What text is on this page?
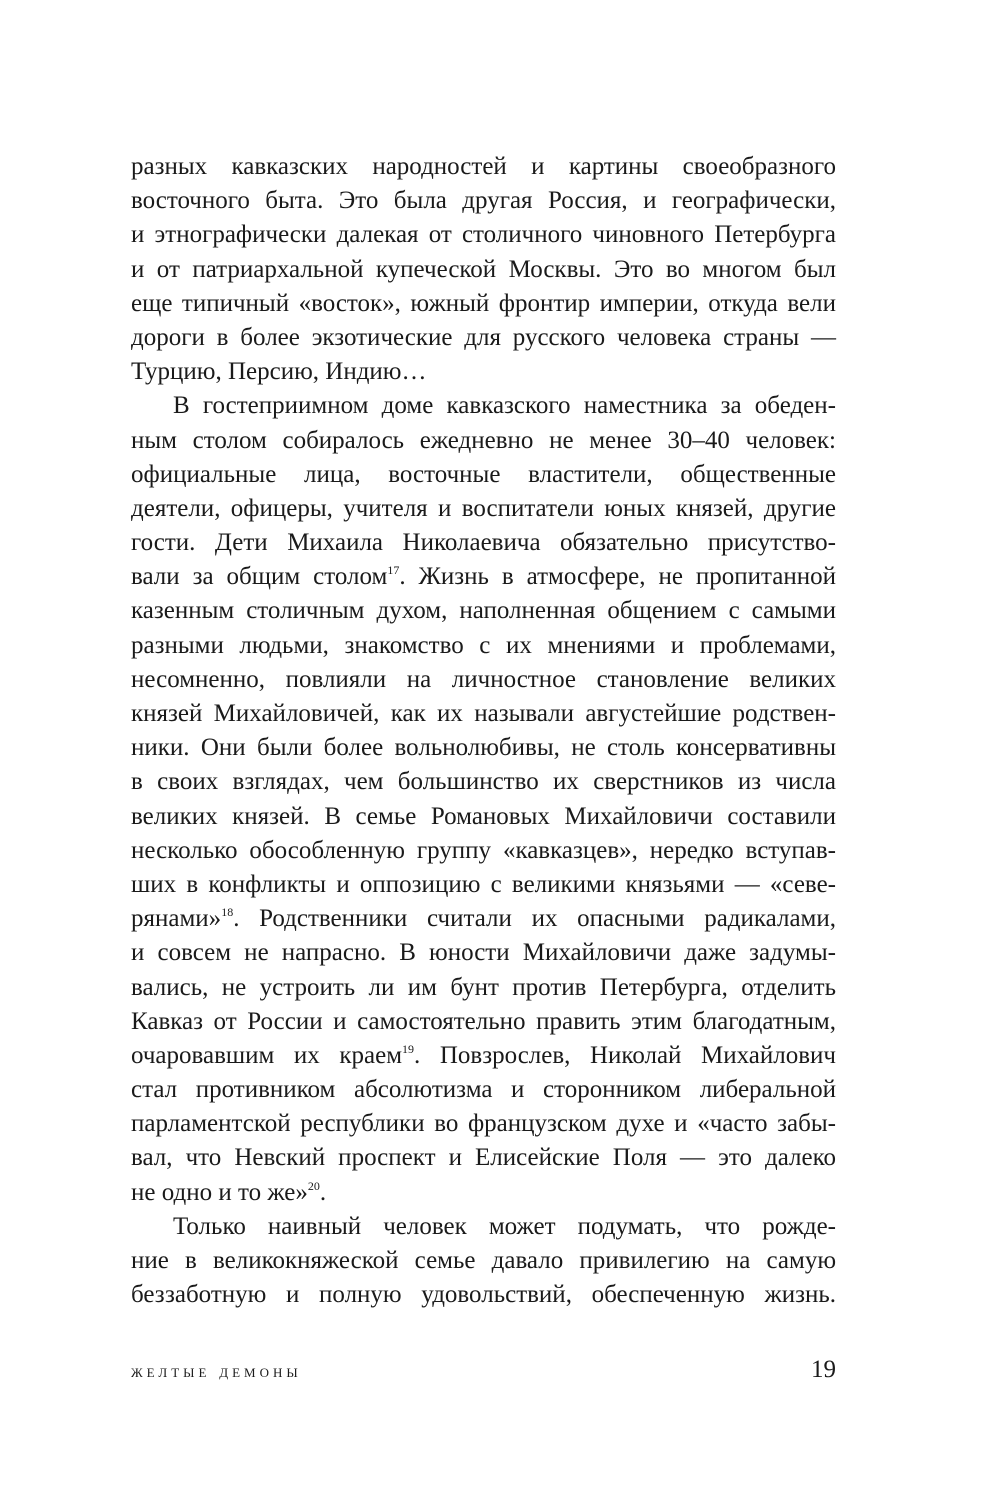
разных кавказских народностей и картины своеобразного
восточного быта. Это была другая Россия, и географически,
и этнографически далекая от столичного чиновного Петербурга
и от патриархальной купеческой Москвы. Это во многом был
еще типичный «восток», южный фронтир империи, откуда вели
дороги в более экзотические для русского человека страны —
Турцию, Персию, Индию…
В гостеприимном доме кавказского наместника за обеден-
ным столом собиралось ежедневно не менее 30–40 человек:
официальные лица, восточные властители, общественные
деятели, офицеры, учителя и воспитатели юных князей, другие
гости. Дети Михаила Николаевича обязательно присутство-
вали за общим столом$^{17}$. Жизнь в атмосфере, не пропитанной
казенным столичным духом, наполненная общением с самыми
разными людьми, знакомство с их мнениями и проблемами,
несомненно, повлияли на личностное становление великих
князей Михайловичей, как их называли августейшие родствен-
ники. Они были более вольнолюбивы, не столь консервативны
в своих взглядах, чем большинство их сверстников из числа
великих князей. В семье Романовых Михайловичи составили
несколько обособленную группу «кавказцев», нередко вступав-
ших в конфликты и оппозицию с великими князьями — «севе-
рянами»$^{18}$. Родственники считали их опасными радикалами,
и совсем не напрасно. В юности Михайловичи даже задумы-
вались, не устроить ли им бунт против Петербурга, отделить
Кавказ от России и самостоятельно править этим благодатным,
очаровавшим их краем$^{19}$. Повзрослев, Николай Михайлович
стал противником абсолютизма и сторонником либеральной
парламентской республики во французском духе и «часто забы-
вал, что Невский проспект и Елисейские Поля — это далеко
не одно и то же»$^{20}$.
Только наивный человек может подумать, что рожде-
ние в великокняжеской семье давало привилегию на самую
беззаботную и полную удовольствий, обеспеченную жизнь.
желтые демоны	19
